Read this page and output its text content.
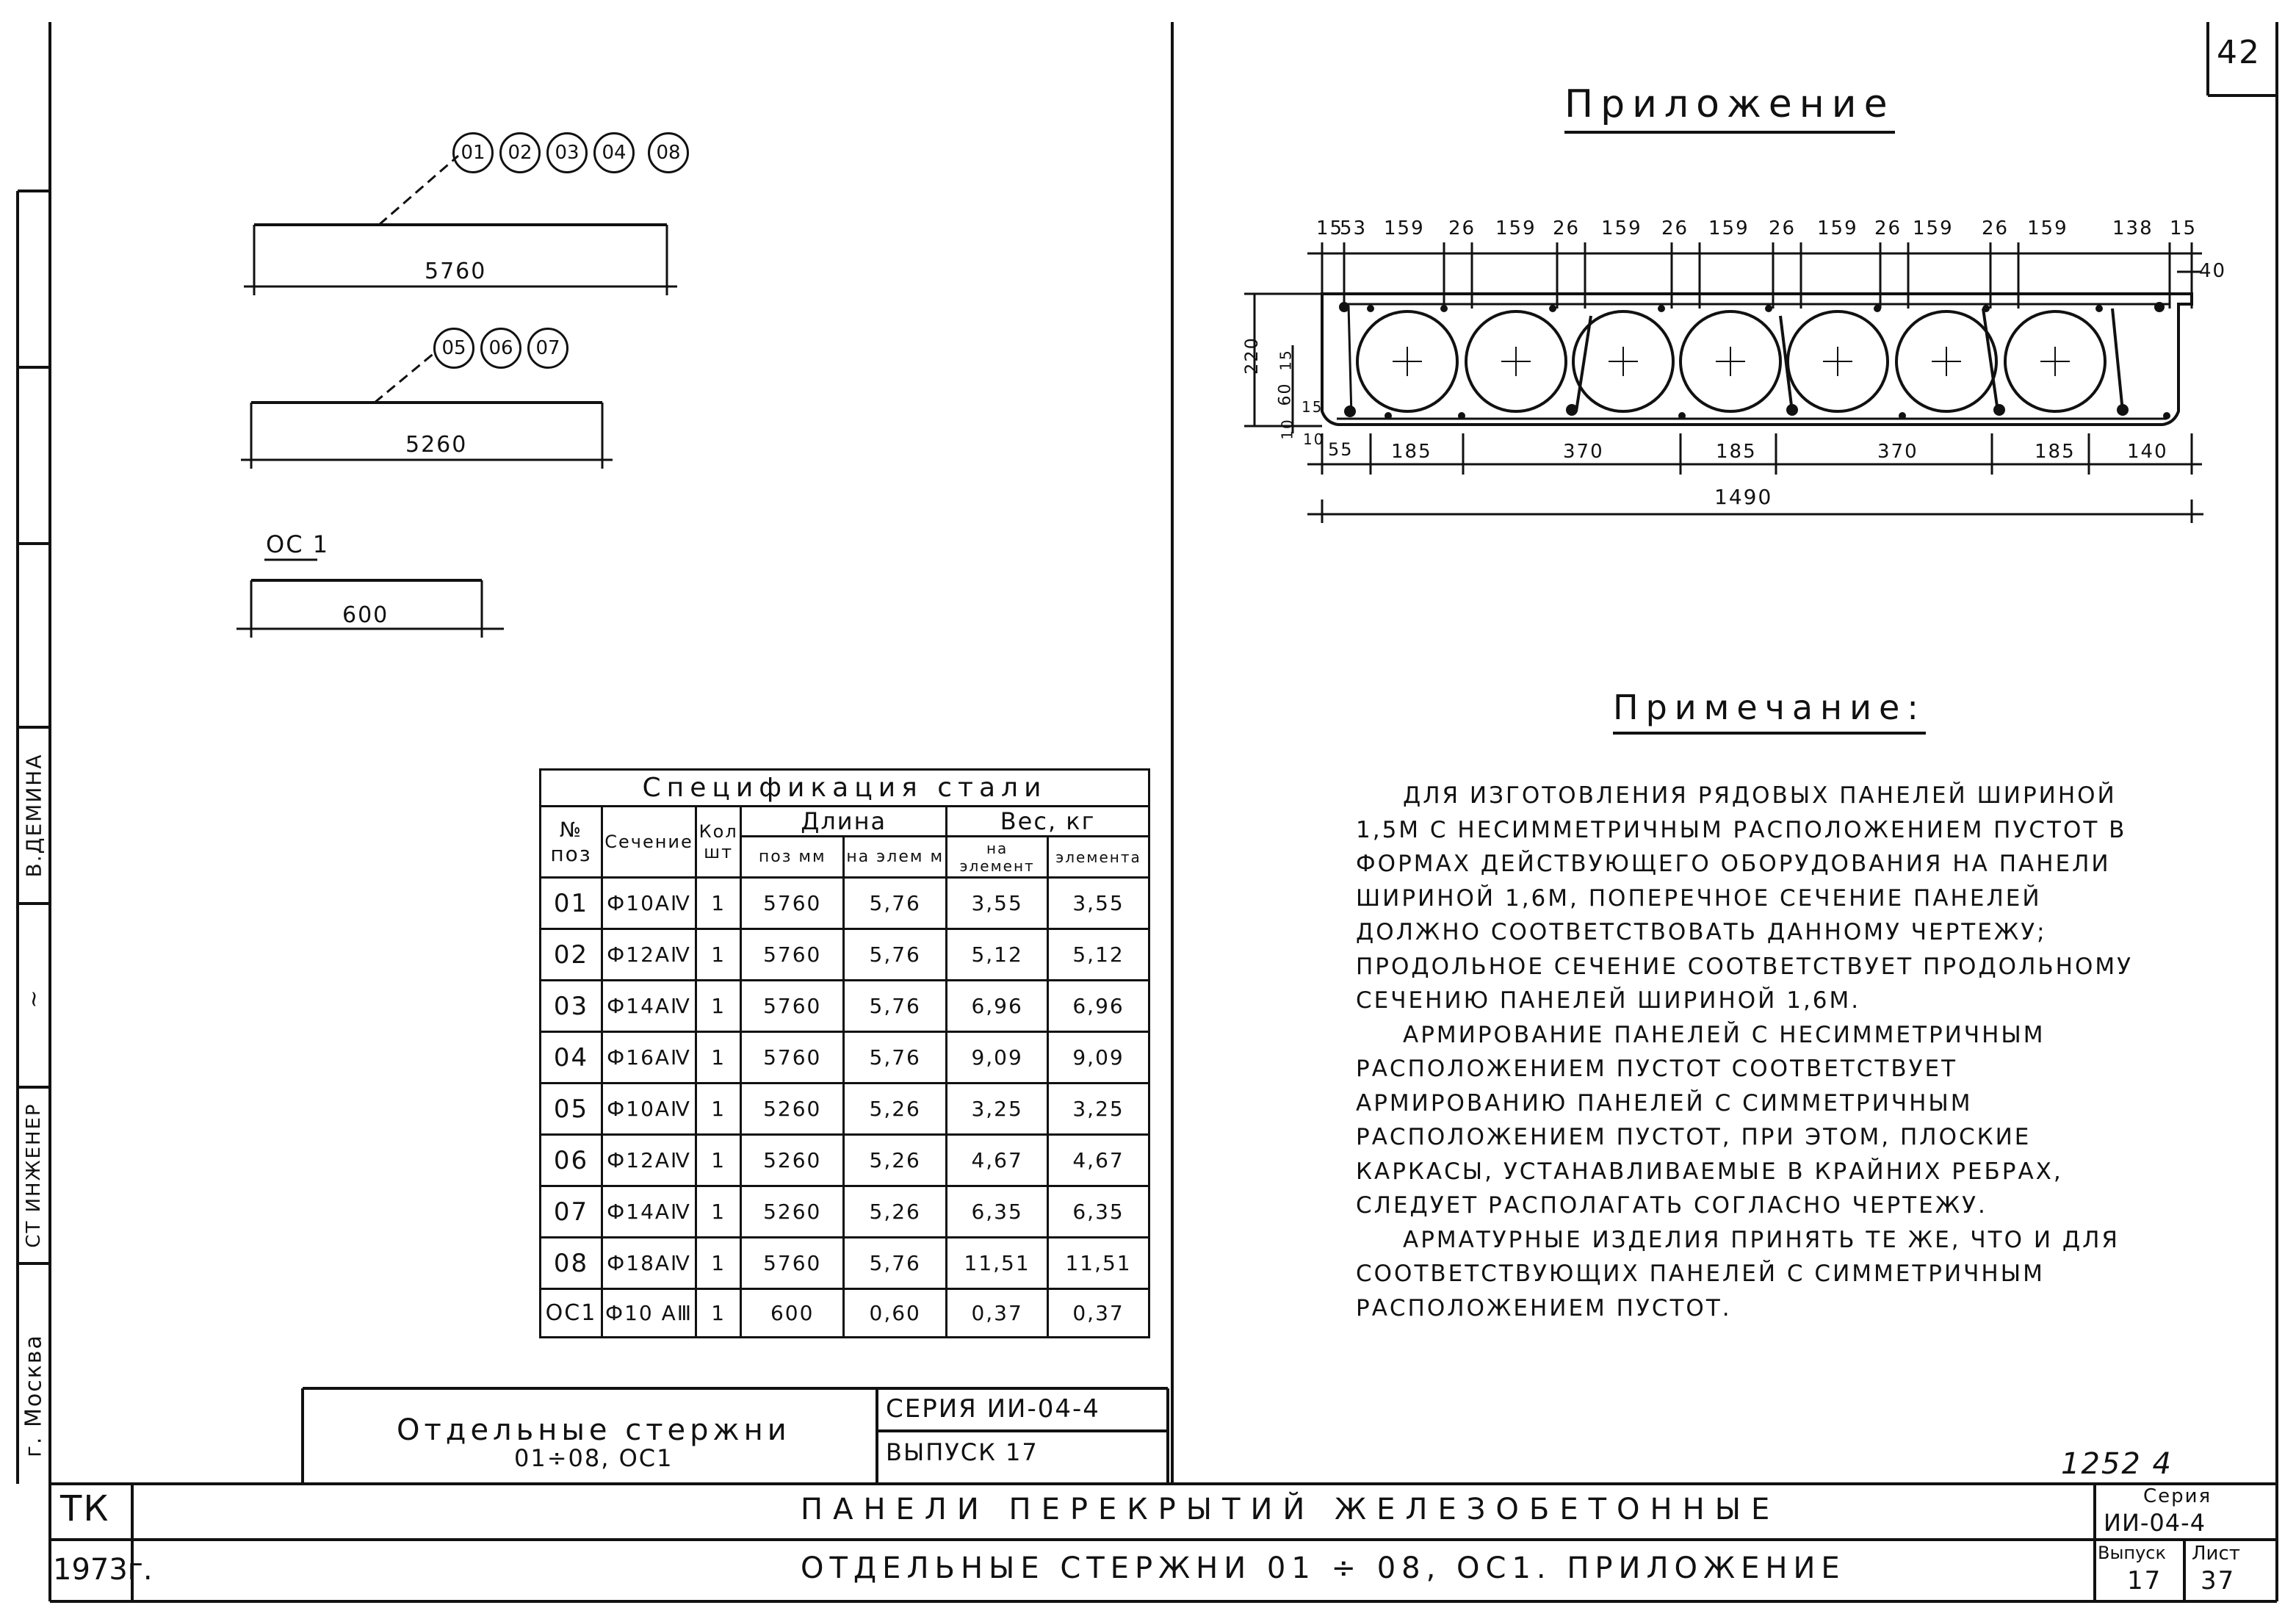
42
В.ДЕМИНА
~
СТ ИНЖЕНЕР
г. Москва
01	02	03	04	08
5760
05	06	07
5260
ОС 1
600
Спецификация стали						
№ поз	Сечение	Кол шт	Длина		Вес, кг	
			поз мм	на элем м	на элемент	элемента
01	Ф10АⅣ	1	5760	5,76	3,55	3,55
02	Ф12АⅣ	1	5760	5,76	5,12	5,12
03	Ф14АⅣ	1	5760	5,76	6,96	6,96
04	Ф16АⅣ	1	5760	5,76	9,09	9,09
05	Ф10АⅣ	1	5260	5,26	3,25	3,25
06	Ф12АⅣ	1	5260	5,26	4,67	4,67
07	Ф14АⅣ	1	5260	5,26	6,35	6,35
08	Ф18АⅣ	1	5760	5,76	11,51	11,51
ОС1	Ф10 АⅢ	1	600	0,60	0,37	0,37
Отдельные стержни
01÷08, ОС1
СЕРИЯ ИИ-04-4
ВЫПУСК 17
Приложение
15
53 159 26 159 26 159 26 159 26 159 26 159 26 159 138 15
40
55 185	370	185	370	185	140
1490
220 15
60
10
15
10
Примечание:

ДЛЯ ИЗГОТОВЛЕНИЯ РЯДОВЫХ ПАНЕЛЕЙ ШИРИНОЙ 1,5М С НЕСИММЕТРИЧНЫМ РАСПОЛОЖЕНИЕМ ПУСТОТ В ФОРМАХ ДЕЙСТВУЮЩЕГО ОБОРУДОВАНИЯ НА ПАНЕЛИ ШИРИНОЙ 1,6М, ПОПЕРЕЧНОЕ СЕЧЕНИЕ ПАНЕЛЕЙ ДОЛЖНО СООТВЕТСТВОВАТЬ ДАННОМУ ЧЕРТЕЖУ; ПРОДОЛЬНОЕ СЕЧЕНИЕ СООТВЕТСТВУЕТ ПРОДОЛЬНОМУ СЕЧЕНИЮ ПАНЕЛЕЙ ШИРИНОЙ 1,6М.

АРМИРОВАНИЕ ПАНЕЛЕЙ С НЕСИММЕТРИЧНЫМ РАСПОЛОЖЕНИЕМ ПУСТОТ СООТВЕТСТВУЕТ АРМИРОВАНИЮ ПАНЕЛЕЙ С СИММЕТРИЧНЫМ РАСПОЛОЖЕНИЕМ ПУСТОТ, ПРИ ЭТОМ, ПЛОСКИЕ КАРКАСЫ, УСТАНАВЛИВАЕМЫЕ В КРАЙНИХ РЕБРАХ, СЛЕДУЕТ РАСПОЛАГАТЬ СОГЛАСНО ЧЕРТЕЖУ.

АРМАТУРНЫЕ ИЗДЕЛИЯ ПРИНЯТЬ ТЕ ЖЕ, ЧТО И ДЛЯ СООТВЕТСТВУЮЩИХ ПАНЕЛЕЙ С СИММЕТРИЧНЫМ РАСПОЛОЖЕНИЕМ ПУСТОТ.

1252 4
ТК
1973г.
ПАНЕЛИ ПЕРЕКРЫТИЙ ЖЕЛЕЗОБЕТОННЫЕ
ОТДЕЛЬНЫЕ СТЕРЖНИ 01 ÷ 08, ОС1. ПРИЛОЖЕНИЕ
Серия
ИИ-04-4
Выпуск
17
Лист
37
